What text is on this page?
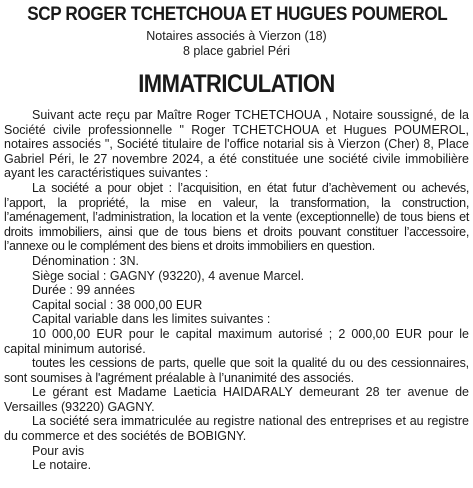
SCP ROGER TCHETCHOUA ET HUGUES POUMEROL
Notaires associés à Vierzon (18)
8 place gabriel Péri
IMMATRICULATION

Suivant acte reçu par Maître Roger TCHETCHOUA , Notaire soussigné, de la Société civile professionnelle " Roger TCHETCHOUA et Hugues POUMEROL, notaires associés ", Société titulaire de l'office notarial sis à Vierzon (Cher) 8, Place Gabriel Péri, le 27 novembre 2024, a été constituée une société civile immobilière ayant les caractéristiques suivantes :

La société a pour objet : l’acquisition, en état futur d’achèvement ou achevés, l’apport, la propriété, la mise en valeur, la transformation, la construction, l’aménagement, l’administration, la location et la vente (exceptionnelle) de tous biens et droits immobiliers, ainsi que de tous biens et droits pouvant constituer l’accessoire, l’annexe ou le complément des biens et droits immobiliers en question.

Dénomination : 3N.

Siège social : GAGNY (93220), 4 avenue Marcel.

Durée : 99 années

Capital social : 38 000,00 EUR

Capital variable dans les limites suivantes :

10 000,00 EUR pour le capital maximum autorisé ; 2 000,00 EUR pour le capital minimum autorisé.

toutes les cessions de parts, quelle que soit la qualité du ou des cessionnaires, sont soumises à l'agrément préalable à l’unanimité des associés.

Le gérant est Madame Laeticia HAIDARALY demeurant 28 ter avenue de Versailles (93220) GAGNY.

La société sera immatriculée au registre national des entreprises et au registre du commerce et des sociétés de BOBIGNY.

Pour avis

Le notaire.
